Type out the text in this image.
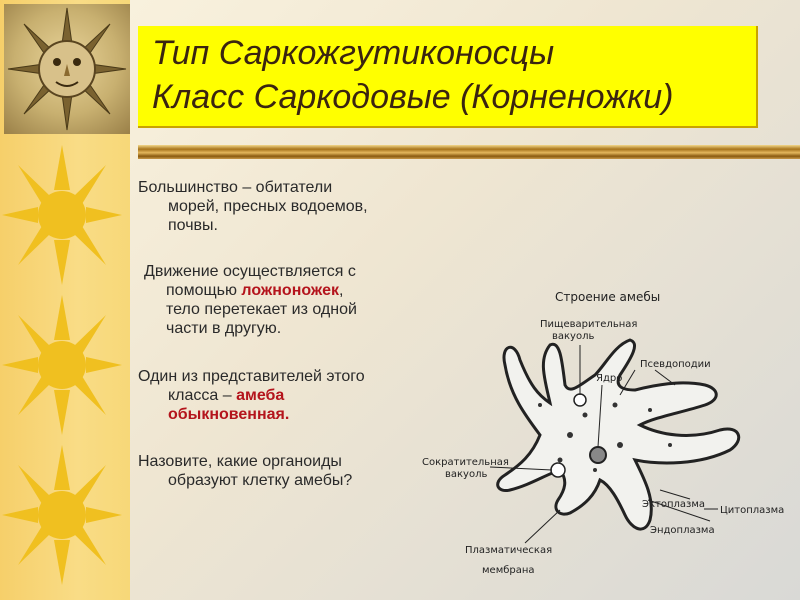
Тип Саркожгутиконосцы
Класс Саркодовые (Корненожки)
Большинство – обитатели
морей, пресных водоемов,
почвы.
Движение осуществляется с
помощью ложноножек,
тело перетекает из одной
части в другую.
Один из представителей этого
класса – амеба
обыкновенная.
Назовите, какие органоиды
образуют клетку амебы?
Строение амебы
Пищеварительная
вакуоль
Ядро
Псевдоподии
Сократительная
вакуоль
Эктоплазма
Цитоплазма
Эндоплазма
Плазматическая
мембрана
